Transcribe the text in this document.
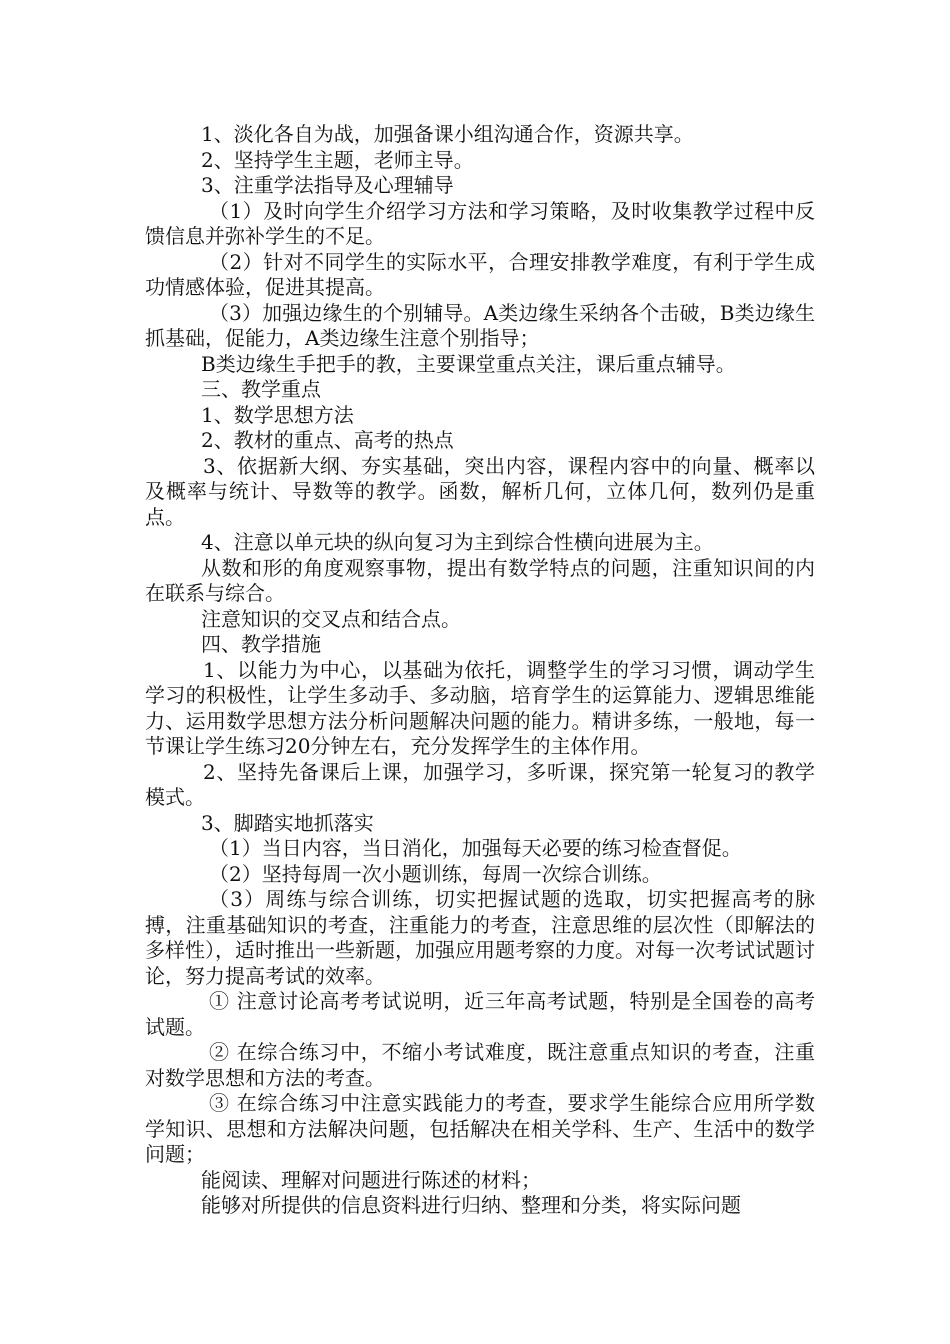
1、淡化各自为战，加强备课小组沟通合作，资源共享。

2、坚持学生主题，老师主导。

3、注重学法指导及心理辅导

（1）及时向学生介绍学习方法和学习策略，及时收集教学过程中反馈信息并弥补学生的不足。

（2）针对不同学生的实际水平，合理安排教学难度，有利于学生成功情感体验，促进其提高。

（3）加强边缘生的个别辅导。A类边缘生采纳各个击破，B类边缘生抓基础，促能力，A类边缘生注意个别指导；

B类边缘生手把手的教，主要课堂重点关注，课后重点辅导。

三、教学重点

1、数学思想方法

2、教材的重点、高考的热点

3、依据新大纲、夯实基础，突出内容，课程内容中的向量、概率以及概率与统计、导数等的教学。函数，解析几何，立体几何，数列仍是重点。

4、注意以单元块的纵向复习为主到综合性横向进展为主。

从数和形的角度观察事物，提出有数学特点的问题，注重知识间的内在联系与综合。

注意知识的交叉点和结合点。

四、教学措施

1、以能力为中心，以基础为依托，调整学生的学习习惯，调动学生学习的积极性，让学生多动手、多动脑，培育学生的运算能力、逻辑思维能力、运用数学思想方法分析问题解决问题的能力。精讲多练，一般地，每一节课让学生练习20分钟左右，充分发挥学生的主体作用。

2、坚持先备课后上课，加强学习，多听课，探究第一轮复习的教学模式。

3、脚踏实地抓落实

（1）当日内容，当日消化，加强每天必要的练习检查督促。

（2）坚持每周一次小题训练，每周一次综合训练。

（3）周练与综合训练，切实把握试题的选取，切实把握高考的脉搏，注重基础知识的考查，注重能力的考查，注意思维的层次性（即解法的多样性），适时推出一些新题，加强应用题考察的力度。对每一次考试试题讨论，努力提高考试的效率。

① 注意讨论高考考试说明，近三年高考试题，特别是全国卷的高考试题。

② 在综合练习中，不缩小考试难度，既注意重点知识的考查，注重对数学思想和方法的考查。

③ 在综合练习中注意实践能力的考查，要求学生能综合应用所学数学知识、思想和方法解决问题，包括解决在相关学科、生产、生活中的数学问题；

能阅读、理解对问题进行陈述的材料；

能够对所提供的信息资料进行归纳、整理和分类，将实际问题
